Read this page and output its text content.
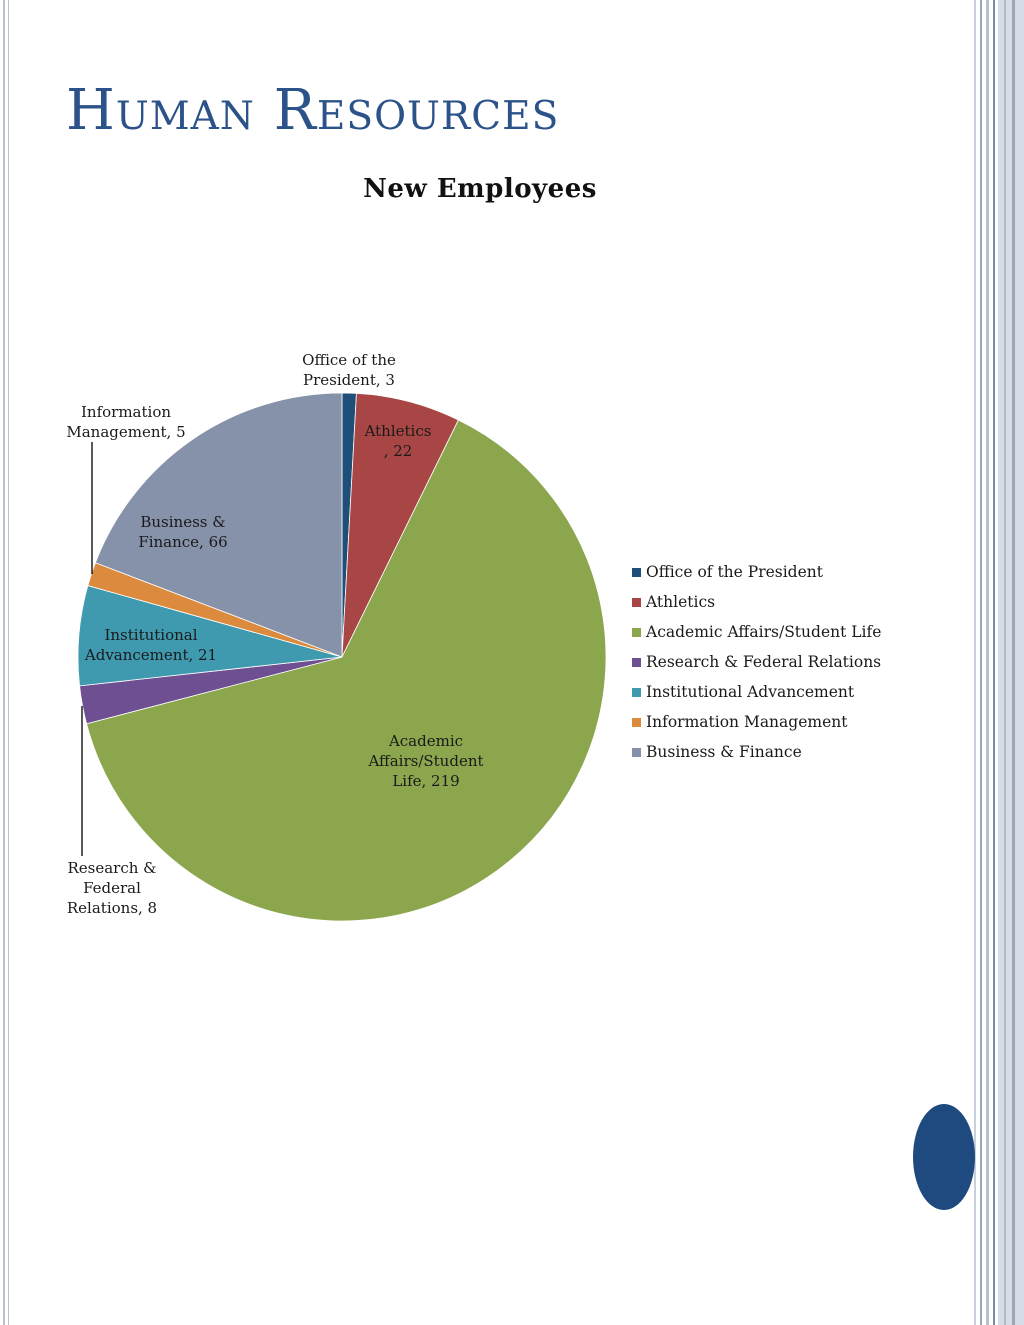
Human Resources
New Employees
Office of the President, 3
Athletics , 22
Academic Affairs/Student Life, 219
Research & Federal Relations, 8
Institutional Advancement, 21
Information Management, 5
Business & Finance, 66
Office of the President
Athletics
Academic Affairs/Student Life
Research & Federal Relations
Institutional Advancement
Information Management
Business & Finance
